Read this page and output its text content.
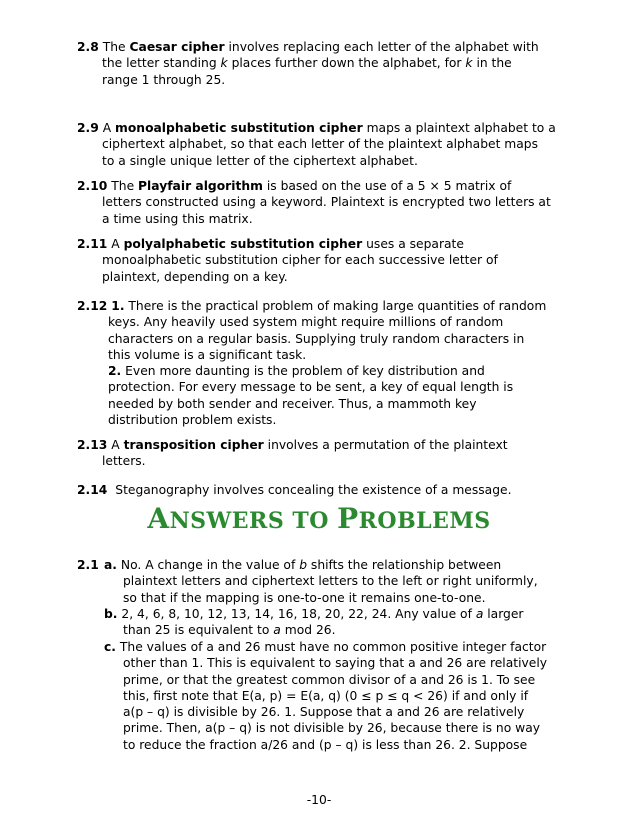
2.8 The Caesar cipher involves replacing each letter of the alphabet with
the letter standing k places further down the alphabet, for k in the
range 1 through 25.
2.9 A monoalphabetic substitution cipher maps a plaintext alphabet to a
ciphertext alphabet, so that each letter of the plaintext alphabet maps
to a single unique letter of the ciphertext alphabet.
2.10 The Playfair algorithm is based on the use of a 5 × 5 matrix of
letters constructed using a keyword. Plaintext is encrypted two letters at
a time using this matrix.
2.11 A polyalphabetic substitution cipher uses a separate
monoalphabetic substitution cipher for each successive letter of
plaintext, depending on a key.
2.12 1. There is the practical problem of making large quantities of random
keys. Any heavily used system might require millions of random
characters on a regular basis. Supplying truly random characters in
this volume is a significant task.
2. Even more daunting is the problem of key distribution and
protection. For every message to be sent, a key of equal length is
needed by both sender and receiver. Thus, a mammoth key
distribution problem exists.
2.13 A transposition cipher involves a permutation of the plaintext
letters.
2.14 Steganography involves concealing the existence of a message.
ANSWERS TO PROBLEMS
2.1 a. No. A change in the value of b shifts the relationship between
plaintext letters and ciphertext letters to the left or right uniformly,
so that if the mapping is one-to-one it remains one-to-one.
b. 2, 4, 6, 8, 10, 12, 13, 14, 16, 18, 20, 22, 24. Any value of a larger
than 25 is equivalent to a mod 26.
c. The values of a and 26 must have no common positive integer factor
other than 1. This is equivalent to saying that a and 26 are relatively
prime, or that the greatest common divisor of a and 26 is 1. To see
this, first note that E(a, p) = E(a, q) (0 ≤ p ≤ q < 26) if and only if
a(p – q) is divisible by 26. 1. Suppose that a and 26 are relatively
prime. Then, a(p – q) is not divisible by 26, because there is no way
to reduce the fraction a/26 and (p – q) is less than 26. 2. Suppose
-10-
